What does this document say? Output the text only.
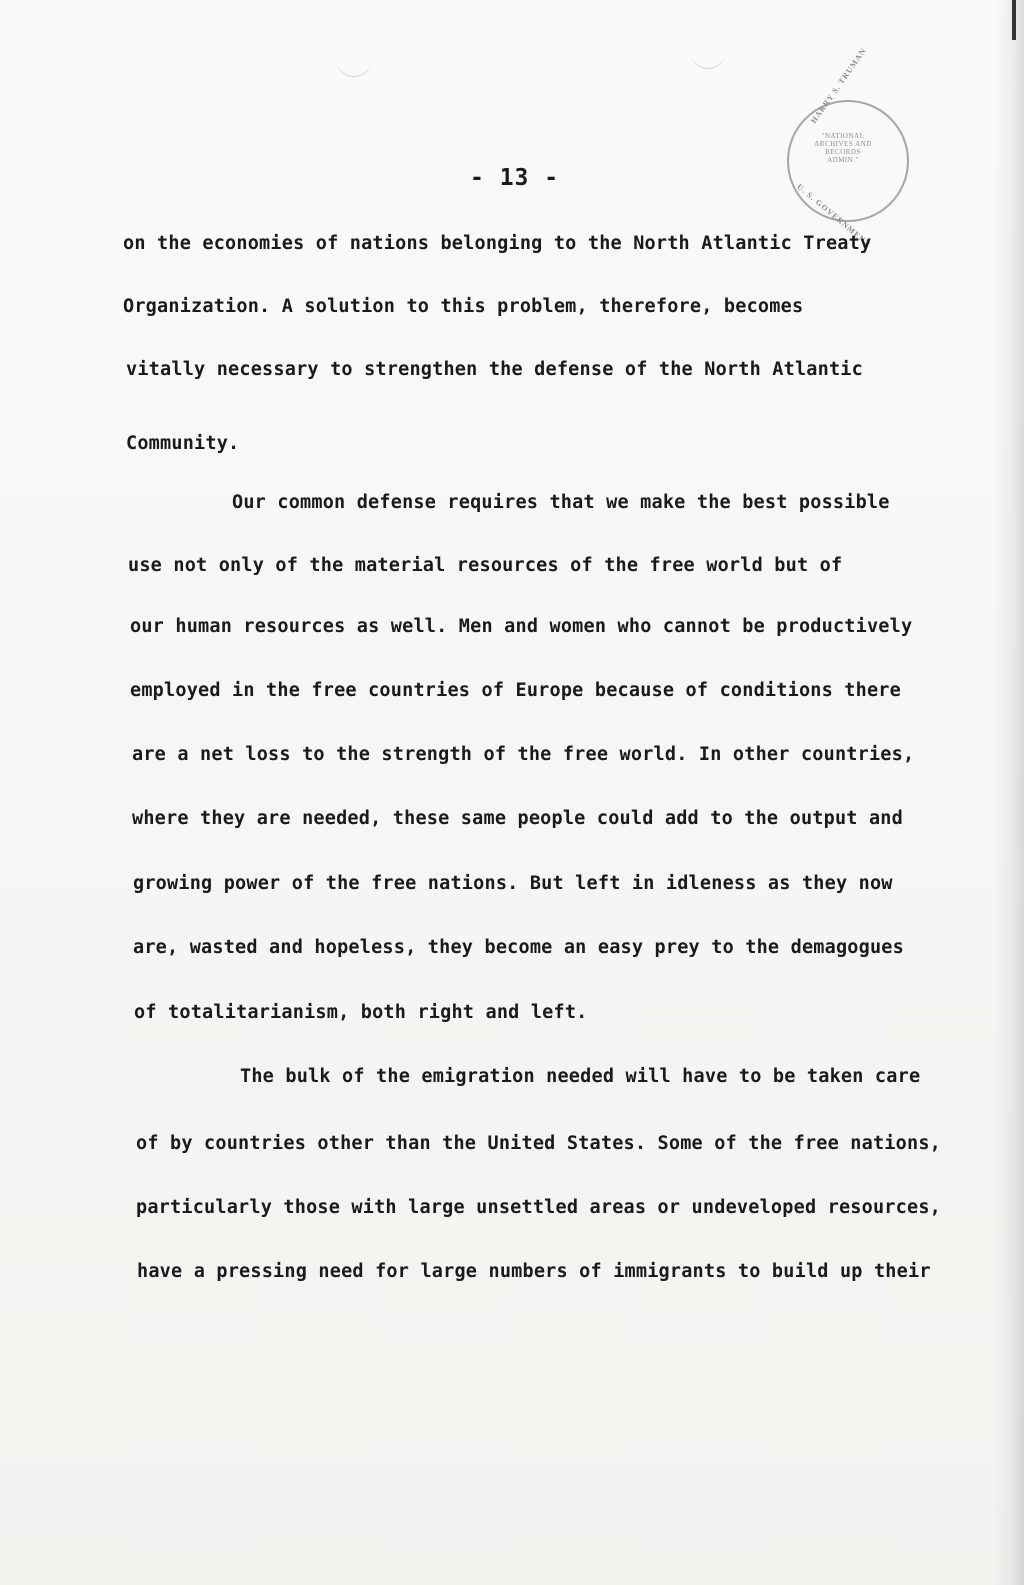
HARRY S. TRUMAN
U. S. GOVERNMENT
"NATIONAL ARCHIVES AND RECORDS ADMIN."
- 13 -
on the economies of nations belonging to the North Atlantic Treaty
Organization. A solution to this problem, therefore, becomes
vitally necessary to strengthen the defense of the North Atlantic
Community.
Our common defense requires that we make the best possible
use not only of the material resources of the free world but of
our human resources as well. Men and women who cannot be productively
employed in the free countries of Europe because of conditions there
are a net loss to the strength of the free world. In other countries,
where they are needed, these same people could add to the output and
growing power of the free nations. But left in idleness as they now
are, wasted and hopeless, they become an easy prey to the demagogues
of totalitarianism, both right and left.
The bulk of the emigration needed will have to be taken care
of by countries other than the United States. Some of the free nations,
particularly those with large unsettled areas or undeveloped resources,
have a pressing need for large numbers of immigrants to build up their
